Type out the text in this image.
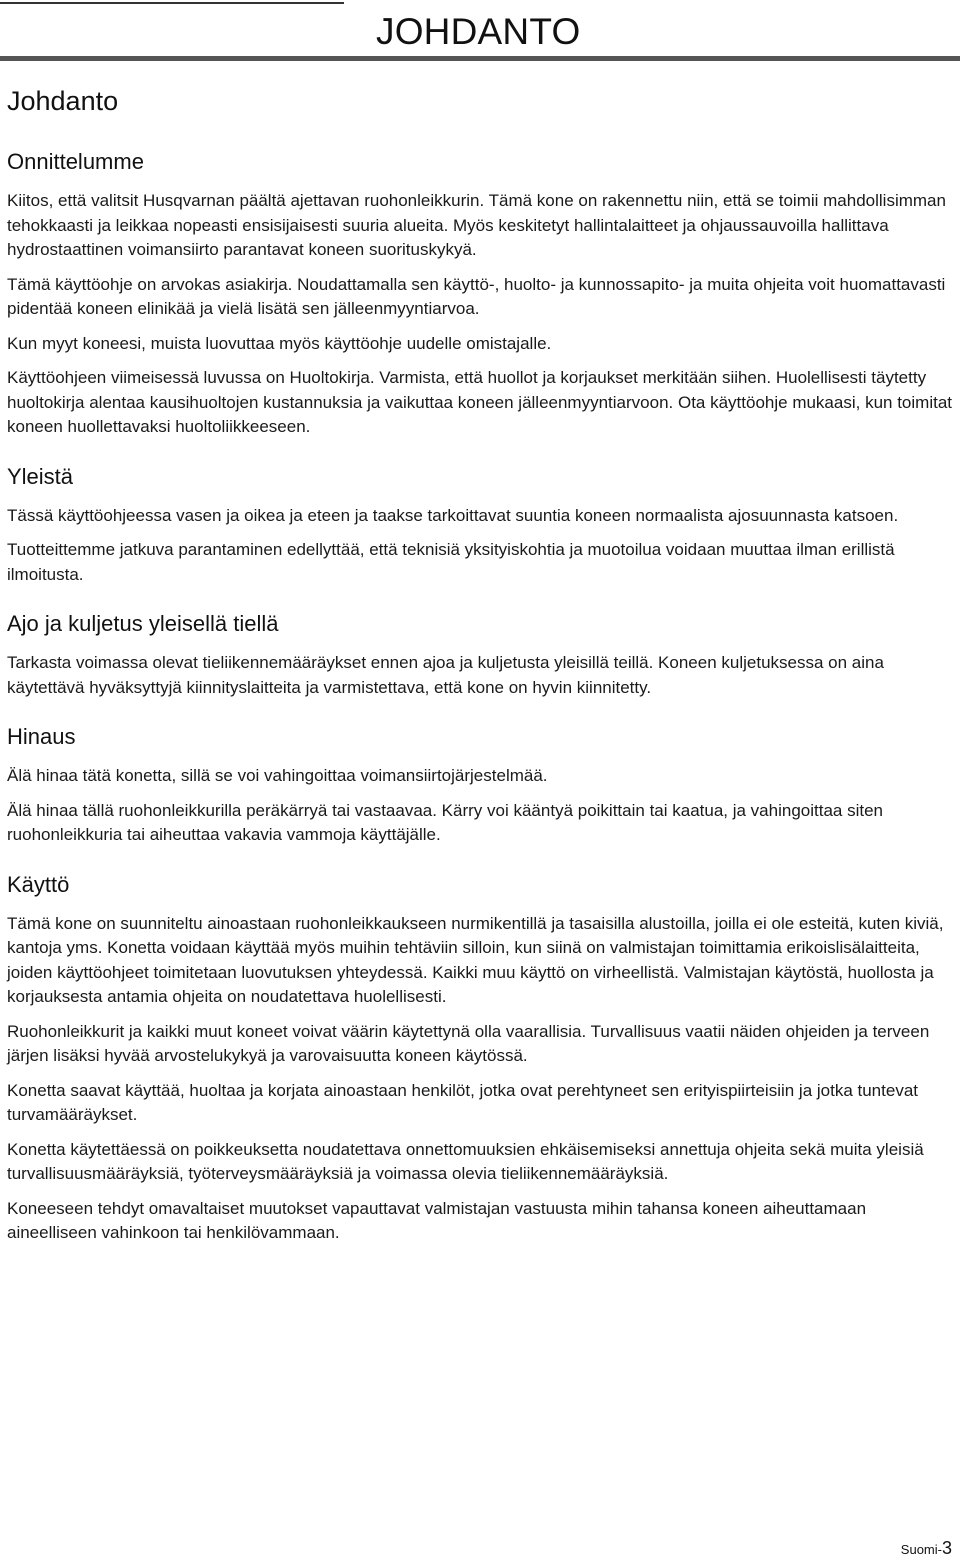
JOHDANTO
Johdanto
Onnittelumme

Kiitos, että valitsit Husqvarnan päältä ajettavan ruohonleikkurin. Tämä kone on rakennettu niin, että se toimii mahdollisimman tehokkaasti ja leikkaa nopeasti ensisijaisesti suuria alueita. Myös keskitetyt hallintalaitteet ja ohjaussauvoilla hallittava hydrostaattinen voimansiirto parantavat koneen suorituskykyä.

Tämä käyttöohje on arvokas asiakirja. Noudattamalla sen käyttö-, huolto- ja kunnossapito- ja muita ohjeita voit huomattavasti pidentää koneen elinikää ja vielä lisätä sen jälleenmyyntiarvoa.

Kun myyt koneesi, muista luovuttaa myös käyttöohje uudelle omistajalle.

Käyttöohjeen viimeisessä luvussa on Huoltokirja. Varmista, että huollot ja korjaukset merkitään siihen. Huolellisesti täytetty huoltokirja alentaa kausihuoltojen kustannuksia ja vaikuttaa koneen jälleenmyyntiarvoon. Ota käyttöohje mukaasi, kun toimitat koneen huollettavaksi huoltoliikkeeseen.

Yleistä

Tässä käyttöohjeessa vasen ja oikea ja eteen ja taakse tarkoittavat suuntia koneen normaalista ajosuunnasta katsoen.

Tuotteittemme jatkuva parantaminen edellyttää, että teknisiä yksityiskohtia ja muotoilua voidaan muuttaa ilman erillistä ilmoitusta.

Ajo ja kuljetus yleisellä tiellä

Tarkasta voimassa olevat tieliikennemääräykset ennen ajoa ja kuljetusta yleisillä teillä. Koneen kuljetuksessa on aina käytettävä hyväksyttyjä kiinnityslaitteita ja varmistettava, että kone on hyvin kiinnitetty.

Hinaus

Älä hinaa tätä konetta, sillä se voi vahingoittaa voimansiirtojärjestelmää.

Älä hinaa tällä ruohonleikkurilla peräkärryä tai vastaavaa. Kärry voi kääntyä poikittain tai kaatua, ja vahingoittaa siten ruohonleikkuria tai aiheuttaa vakavia vammoja käyttäjälle.

Käyttö

Tämä kone on suunniteltu ainoastaan ruohonleikkaukseen nurmikentillä ja tasaisilla alustoilla, joilla ei ole esteitä, kuten kiviä, kantoja yms. Konetta voidaan käyttää myös muihin tehtäviin silloin, kun siinä on valmistajan toimittamia erikoislisälaitteita, joiden käyttöohjeet toimitetaan luovutuksen yhteydessä. Kaikki muu käyttö on virheellistä. Valmistajan käytöstä, huollosta ja korjauksesta antamia ohjeita on noudatettava huolellisesti.

Ruohonleikkurit ja kaikki muut koneet voivat väärin käytettynä olla vaarallisia. Turvallisuus vaatii näiden ohjeiden ja terveen järjen lisäksi hyvää arvostelukykyä ja varovaisuutta koneen käytössä.

Konetta saavat käyttää, huoltaa ja korjata ainoastaan henkilöt, jotka ovat perehtyneet sen erityispiirteisiin ja jotka tuntevat turvamääräykset.

Konetta käytettäessä on poikkeuksetta noudatettava onnettomuuksien ehkäisemiseksi annettuja ohjeita sekä muita yleisiä turvallisuusmääräyksiä, työterveysmääräyksiä ja voimassa olevia tieliikennemääräyksiä.

Koneeseen tehdyt omavaltaiset muutokset vapauttavat valmistajan vastuusta mihin tahansa koneen aiheuttamaan aineelliseen vahinkoon tai henkilövammaan.

Suomi-3
